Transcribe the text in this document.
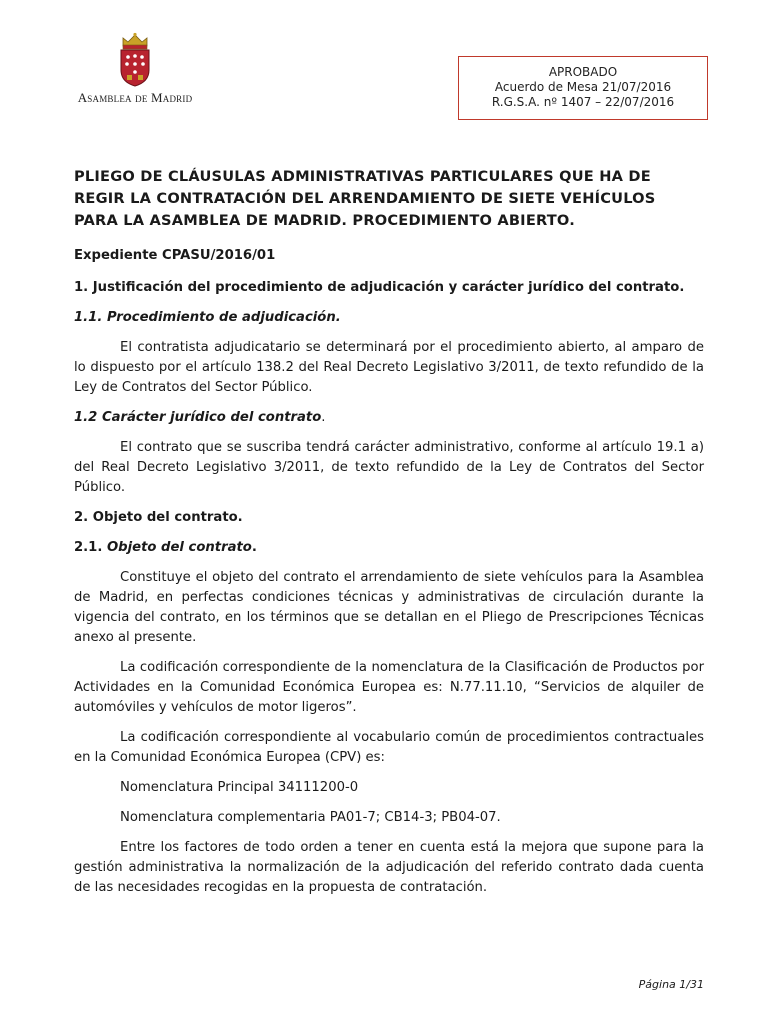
Asamblea de Madrid
APROBADO
Acuerdo de Mesa 21/07/2016
R.G.S.A. nº 1407 – 22/07/2016
PLIEGO DE CLÁUSULAS ADMINISTRATIVAS PARTICULARES QUE HA DE REGIR LA CONTRATACIÓN DEL ARRENDAMIENTO DE SIETE VEHÍCULOS PARA LA ASAMBLEA DE MADRID. PROCEDIMIENTO ABIERTO.
Expediente CPASU/2016/01
1. Justificación del procedimiento de adjudicación y carácter jurídico del contrato.
1.1. Procedimiento de adjudicación.

El contratista adjudicatario se determinará por el procedimiento abierto, al amparo de lo dispuesto por el artículo 138.2 del Real Decreto Legislativo 3/2011, de texto refundido de la Ley de Contratos del Sector Público.

1.2 Carácter jurídico del contrato.

El contrato que se suscriba tendrá carácter administrativo, conforme al artículo 19.1 a) del Real Decreto Legislativo 3/2011, de texto refundido de la Ley de Contratos del Sector Público.

2. Objeto del contrato.
2.1. Objeto del contrato.

Constituye el objeto del contrato el arrendamiento de siete vehículos para la Asamblea de Madrid, en perfectas condiciones técnicas y administrativas de circulación durante la vigencia del contrato, en los términos que se detallan en el Pliego de Prescripciones Técnicas anexo al presente.

La codificación correspondiente de la nomenclatura de la Clasificación de Productos por Actividades en la Comunidad Económica Europea es: N.77.11.10, “Servicios de alquiler de automóviles y vehículos de motor ligeros”.

La codificación correspondiente al vocabulario común de procedimientos contractuales en la Comunidad Económica Europea (CPV) es:

Nomenclatura Principal 34111200-0

Nomenclatura complementaria PA01-7; CB14-3; PB04-07.

Entre los factores de todo orden a tener en cuenta está la mejora que supone para la gestión administrativa la normalización de la adjudicación del referido contrato dada cuenta de las necesidades recogidas en la propuesta de contratación.

Página 1/31
